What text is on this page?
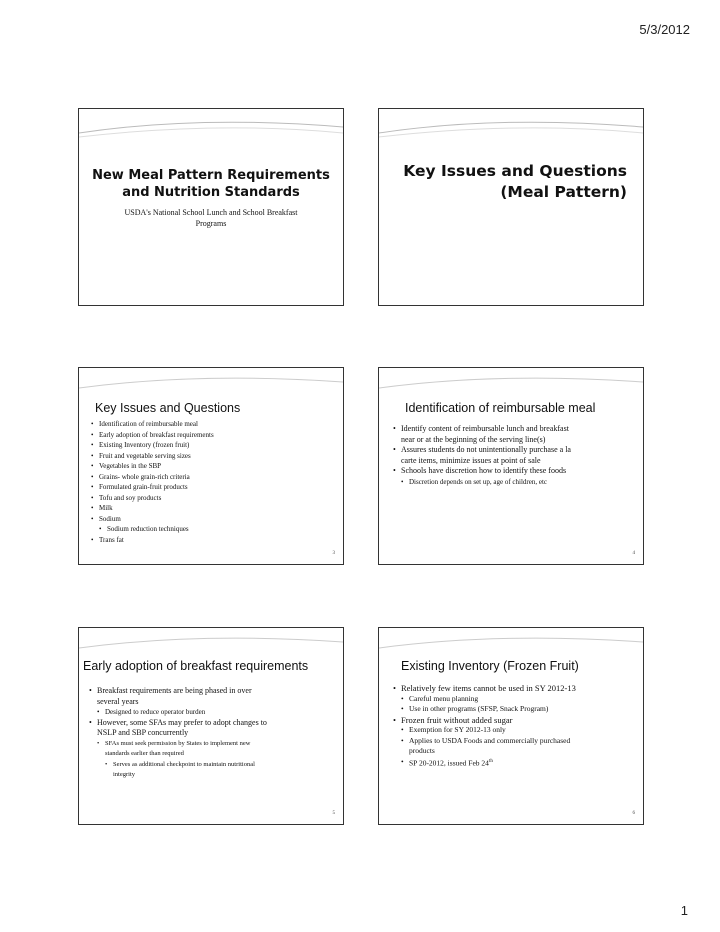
5/3/2012
New Meal Pattern Requirements
and Nutrition Standards
USDA's National School Lunch and School Breakfast
Programs
Key Issues and Questions
(Meal Pattern)
Key Issues and Questions
• Identification of reimbursable meal
• Early adoption of breakfast requirements
• Existing Inventory (frozen fruit)
• Fruit and vegetable serving sizes
• Vegetables in the SBP
• Grains- whole grain-rich criteria
• Formulated grain-fruit products
• Tofu and soy products
• Milk
• Sodium
• Sodium reduction techniques
• Trans fat
3
Identification of reimbursable meal
• Identify content of reimbursable lunch and breakfast
near or at the beginning of the serving line(s)
• Assures students do not unintentionally purchase a la
carte items, minimize issues at point of sale
• Schools have discretion how to identify these foods
• Discretion depends on set up, age of children, etc
4
Early adoption of breakfast requirements
• Breakfast requirements are being phased in over
several years
• Designed to reduce operator burden
• However, some SFAs may prefer to adopt changes to
NSLP and SBP concurrently
• SFAs must seek permission by States to implement new
standards earlier than required
• Serves as additional checkpoint to maintain nutritional
integrity
5
Existing Inventory (Frozen Fruit)
• Relatively few items cannot be used in SY 2012-13
• Careful menu planning
• Use in other programs (SFSP, Snack Program)
• Frozen fruit without added sugar
• Exemption for SY 2012-13 only
• Applies to USDA Foods and commercially purchased
products
• SP 20-2012, issued Feb 24th
6
1
